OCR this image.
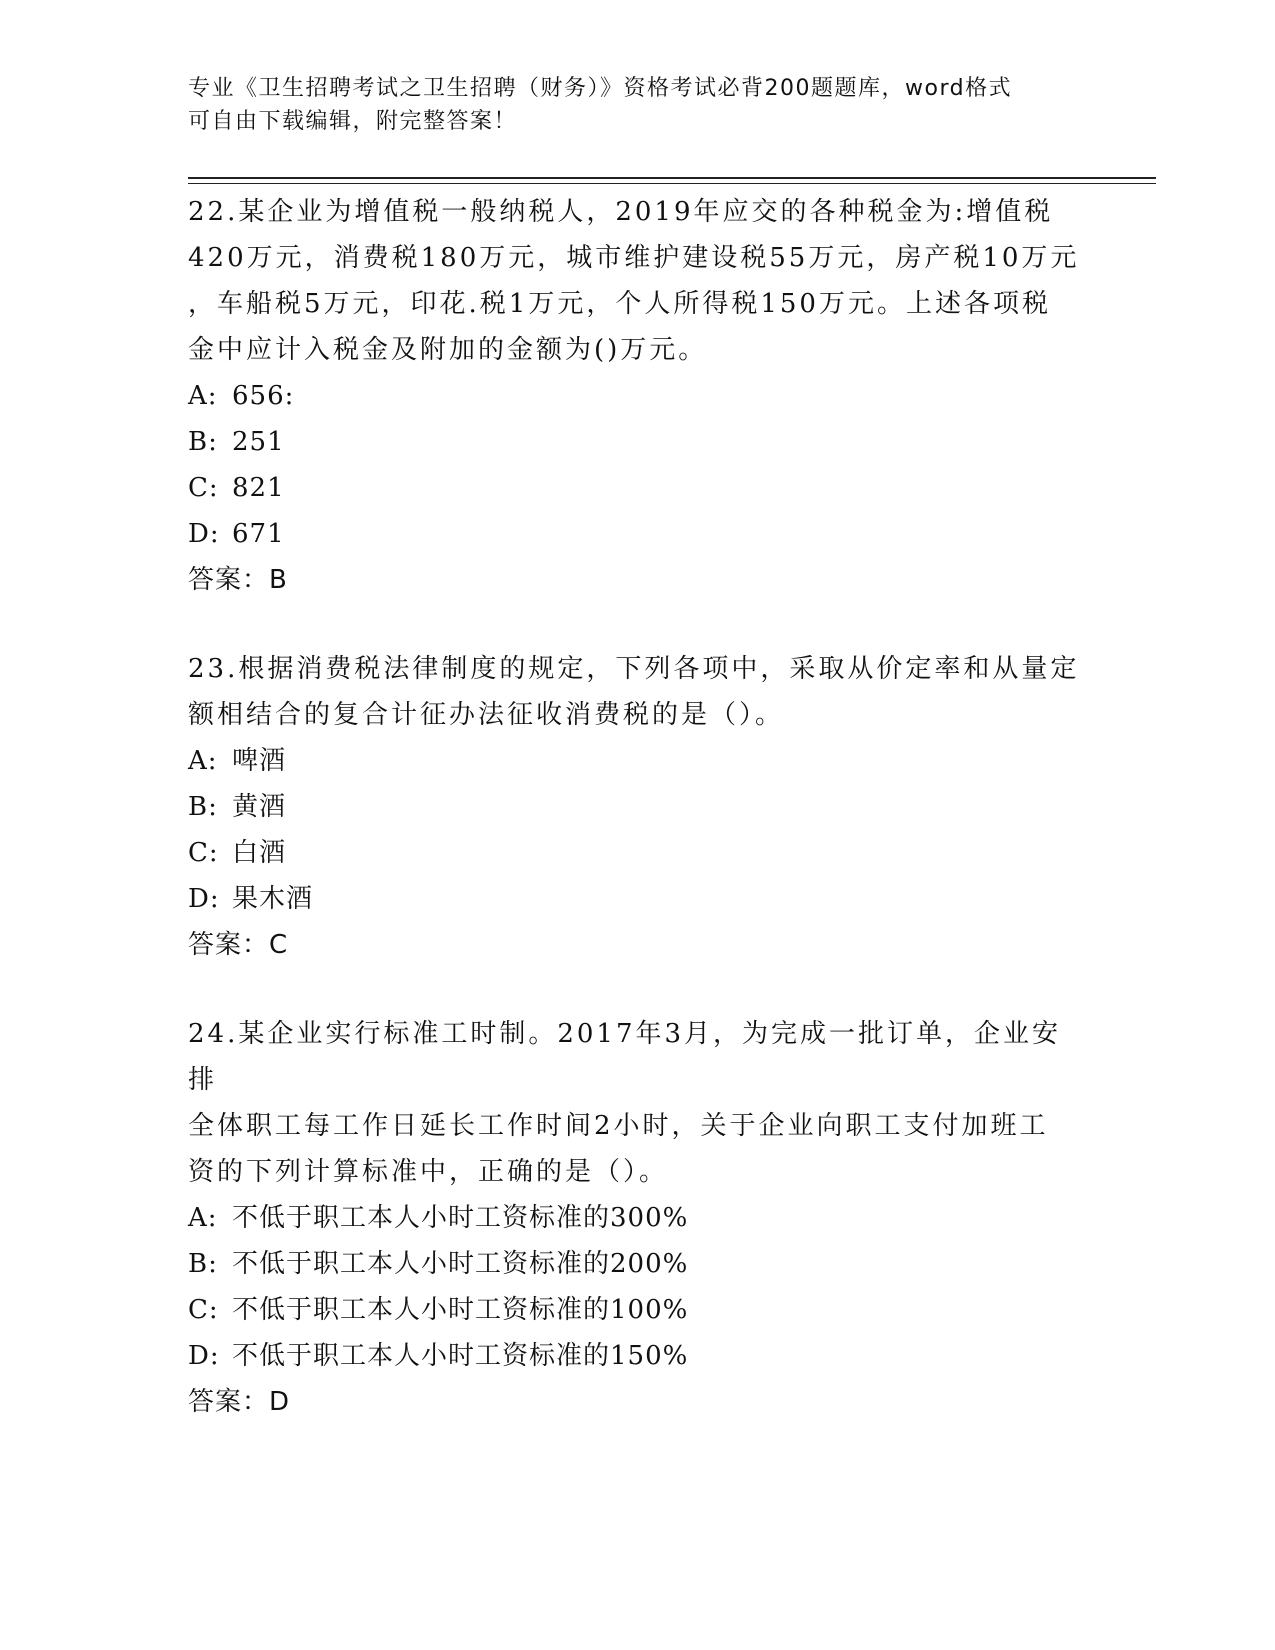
专业《卫生招聘考试之卫生招聘（财务）》资格考试必背200题题库，word格式
可自由下载编辑，附完整答案！
22.某企业为增值税一般纳税人，2019年应交的各种税金为:增值税
420万元，消费税180万元，城市维护建设税55万元，房产税10万元
，车船税5万元，印花.税1万元，个人所得税150万元。上述各项税
金中应计入税金及附加的金额为()万元。
A: 656:
B: 251
C: 821
D: 671
答案：B
23.根据消费税法律制度的规定，下列各项中，采取从价定率和从量定
额相结合的复合计征办法征收消费税的是（）。
A: 啤酒
B: 黄酒
C: 白酒
D: 果木酒
答案：C
24.某企业实行标准工时制。2017年3月，为完成一批订单，企业安排
全体职工每工作日延长工作时间2小时，关于企业向职工支付加班工
资的下列计算标准中，正确的是（）。
A: 不低于职工本人小时工资标准的300%
B: 不低于职工本人小时工资标准的200%
C: 不低于职工本人小时工资标准的100%
D: 不低于职工本人小时工资标准的150%
答案：D
